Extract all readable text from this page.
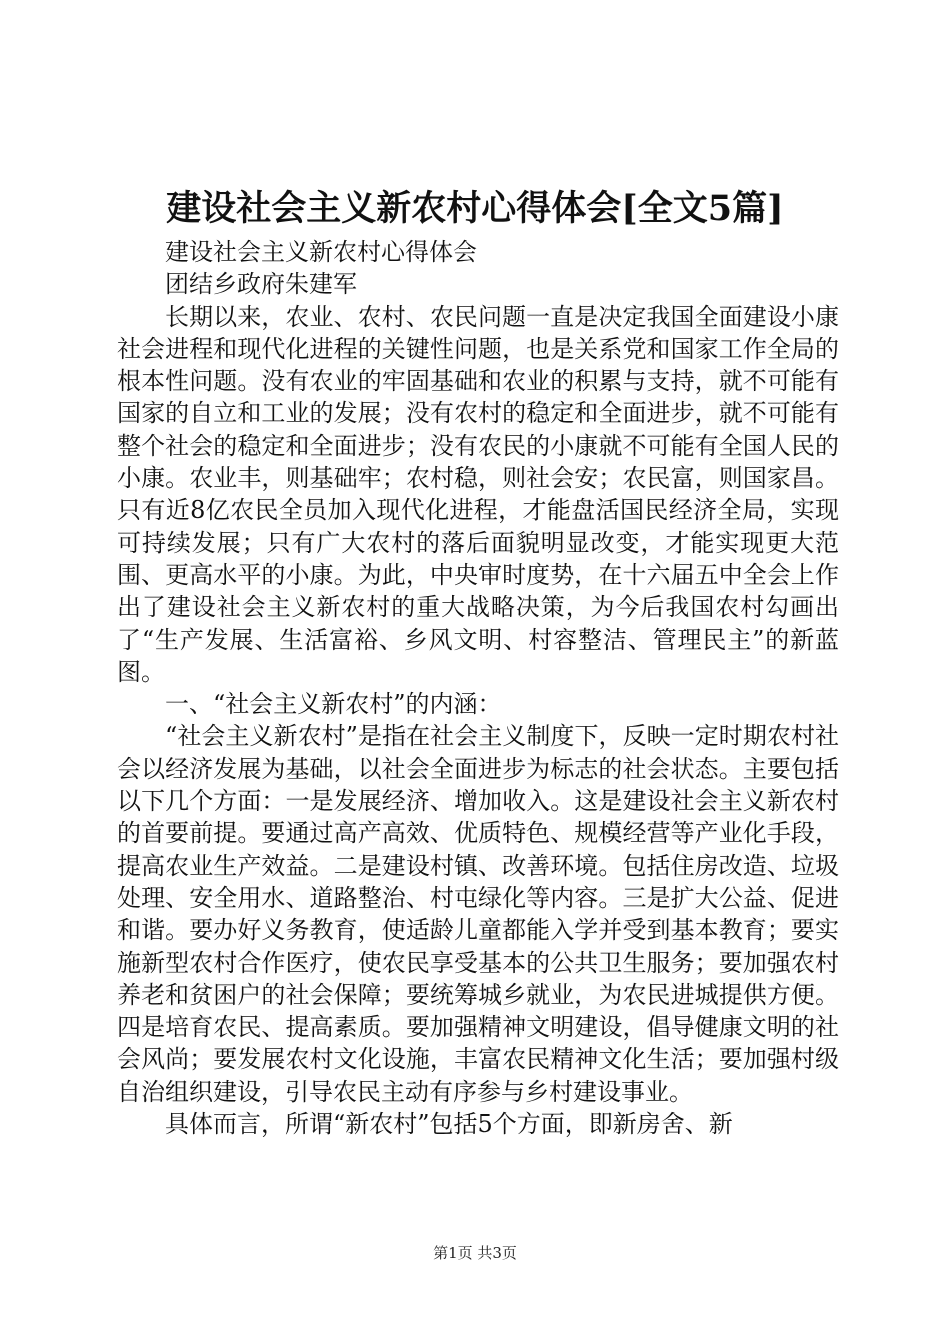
建设社会主义新农村心得体会[全文5篇]

建设社会主义新农村心得体会

团结乡政府朱建军

长期以来，农业、农村、农民问题一直是决定我国全面建设小康社会进程和现代化进程的关键性问题，也是关系党和国家工作全局的根本性问题。没有农业的牢固基础和农业的积累与支持，就不可能有国家的自立和工业的发展；没有农村的稳定和全面进步，就不可能有整个社会的稳定和全面进步；没有农民的小康就不可能有全国人民的小康。农业丰，则基础牢；农村稳，则社会安；农民富，则国家昌。只有近8亿农民全员加入现代化进程，才能盘活国民经济全局，实现可持续发展；只有广大农村的落后面貌明显改变，才能实现更大范围、更高水平的小康。为此，中央审时度势，在十六届五中全会上作出了建设社会主义新农村的重大战略决策，为今后我国农村勾画出了“生产发展、生活富裕、乡风文明、村容整洁、管理民主”的新蓝图。

一、“社会主义新农村”的内涵：

“社会主义新农村”是指在社会主义制度下，反映一定时期农村社会以经济发展为基础，以社会全面进步为标志的社会状态。主要包括以下几个方面：一是发展经济、增加收入。这是建设社会主义新农村的首要前提。要通过高产高效、优质特色、规模经营等产业化手段，提高农业生产效益。二是建设村镇、改善环境。包括住房改造、垃圾处理、安全用水、道路整治、村屯绿化等内容。三是扩大公益、促进和谐。要办好义务教育，使适龄儿童都能入学并受到基本教育；要实施新型农村合作医疗，使农民享受基本的公共卫生服务；要加强农村养老和贫困户的社会保障；要统筹城乡就业，为农民进城提供方便。四是培育农民、提高素质。要加强精神文明建设，倡导健康文明的社会风尚；要发展农村文化设施，丰富农民精神文化生活；要加强村级自治组织建设，引导农民主动有序参与乡村建设事业。

具体而言，所谓“新农村”包括5个方面，即新房舍、新

第1页 共3页
